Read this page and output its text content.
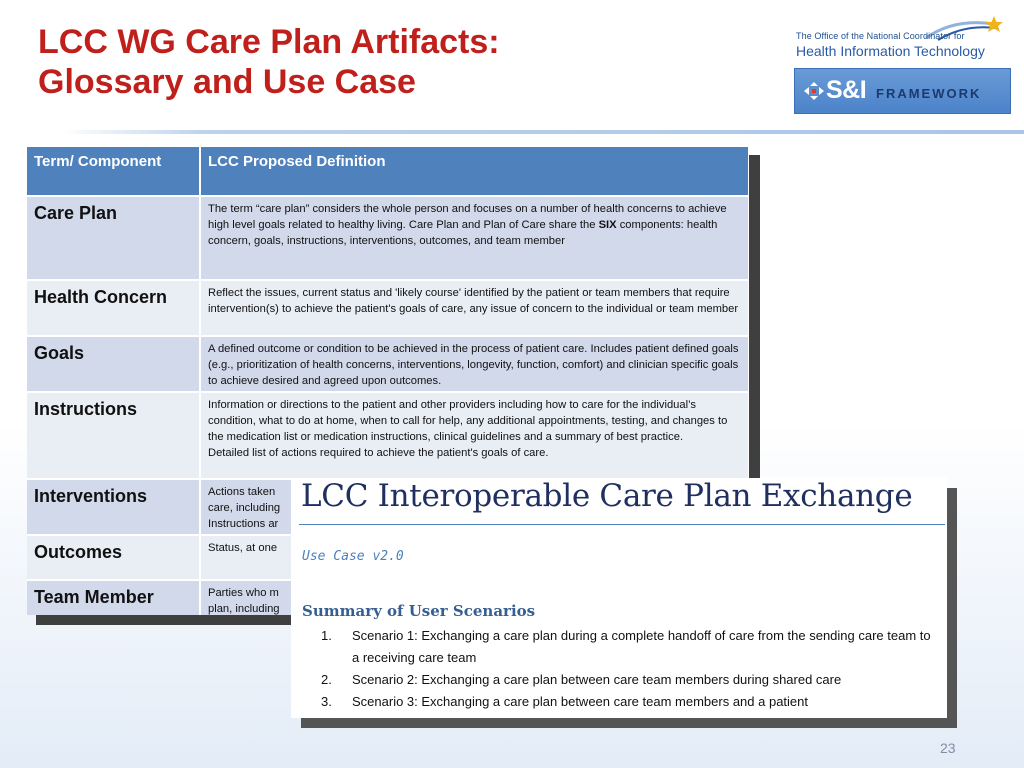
LCC WG Care Plan Artifacts:
Glossary and Use Case
The Office of the National Coordinator for
Health Information Technology
S&I FRAMEWORK
Term/ Component	LCC Proposed Definition
Care Plan	The term “care plan” considers the whole person and focuses on a number of health concerns to achieve high level goals related to healthy living. Care Plan and Plan of Care share the SIX components: health concern, goals, instructions, interventions, outcomes, and team member
Health Concern	Reflect the issues, current status and 'likely course' identified by the patient or team members that require intervention(s) to achieve the patient's goals of care, any issue of concern to the individual or team member
Goals	A defined outcome or condition to be achieved in the process of patient care. Includes patient defined goals (e.g., prioritization of health concerns, interventions, longevity, function, comfort) and clinician specific goals to achieve desired and agreed upon outcomes.
Instructions	Information or directions to the patient and other providers including how to care for the individual’s condition, what to do at home, when to call for help, any additional appointments, testing, and changes to the medication list or medication instructions, clinical guidelines and a summary of best practice.
Detailed list of actions required to achieve the patient's goals of care.

Interventions	Actions taken
care, including
Instructions ar

Outcomes	Status, at one
Team Member	Parties who m
plan, including
LCC Interoperable Care Plan Exchange
Use Case v2.0
Summary of User Scenarios
1.	Scenario 1: Exchanging a care plan during a complete handoff of care from the sending care team to a receiving care team
2.	Scenario 2: Exchanging a care plan between care team members during shared care
3.	Scenario 3: Exchanging a care plan between care team members and a patient
23
